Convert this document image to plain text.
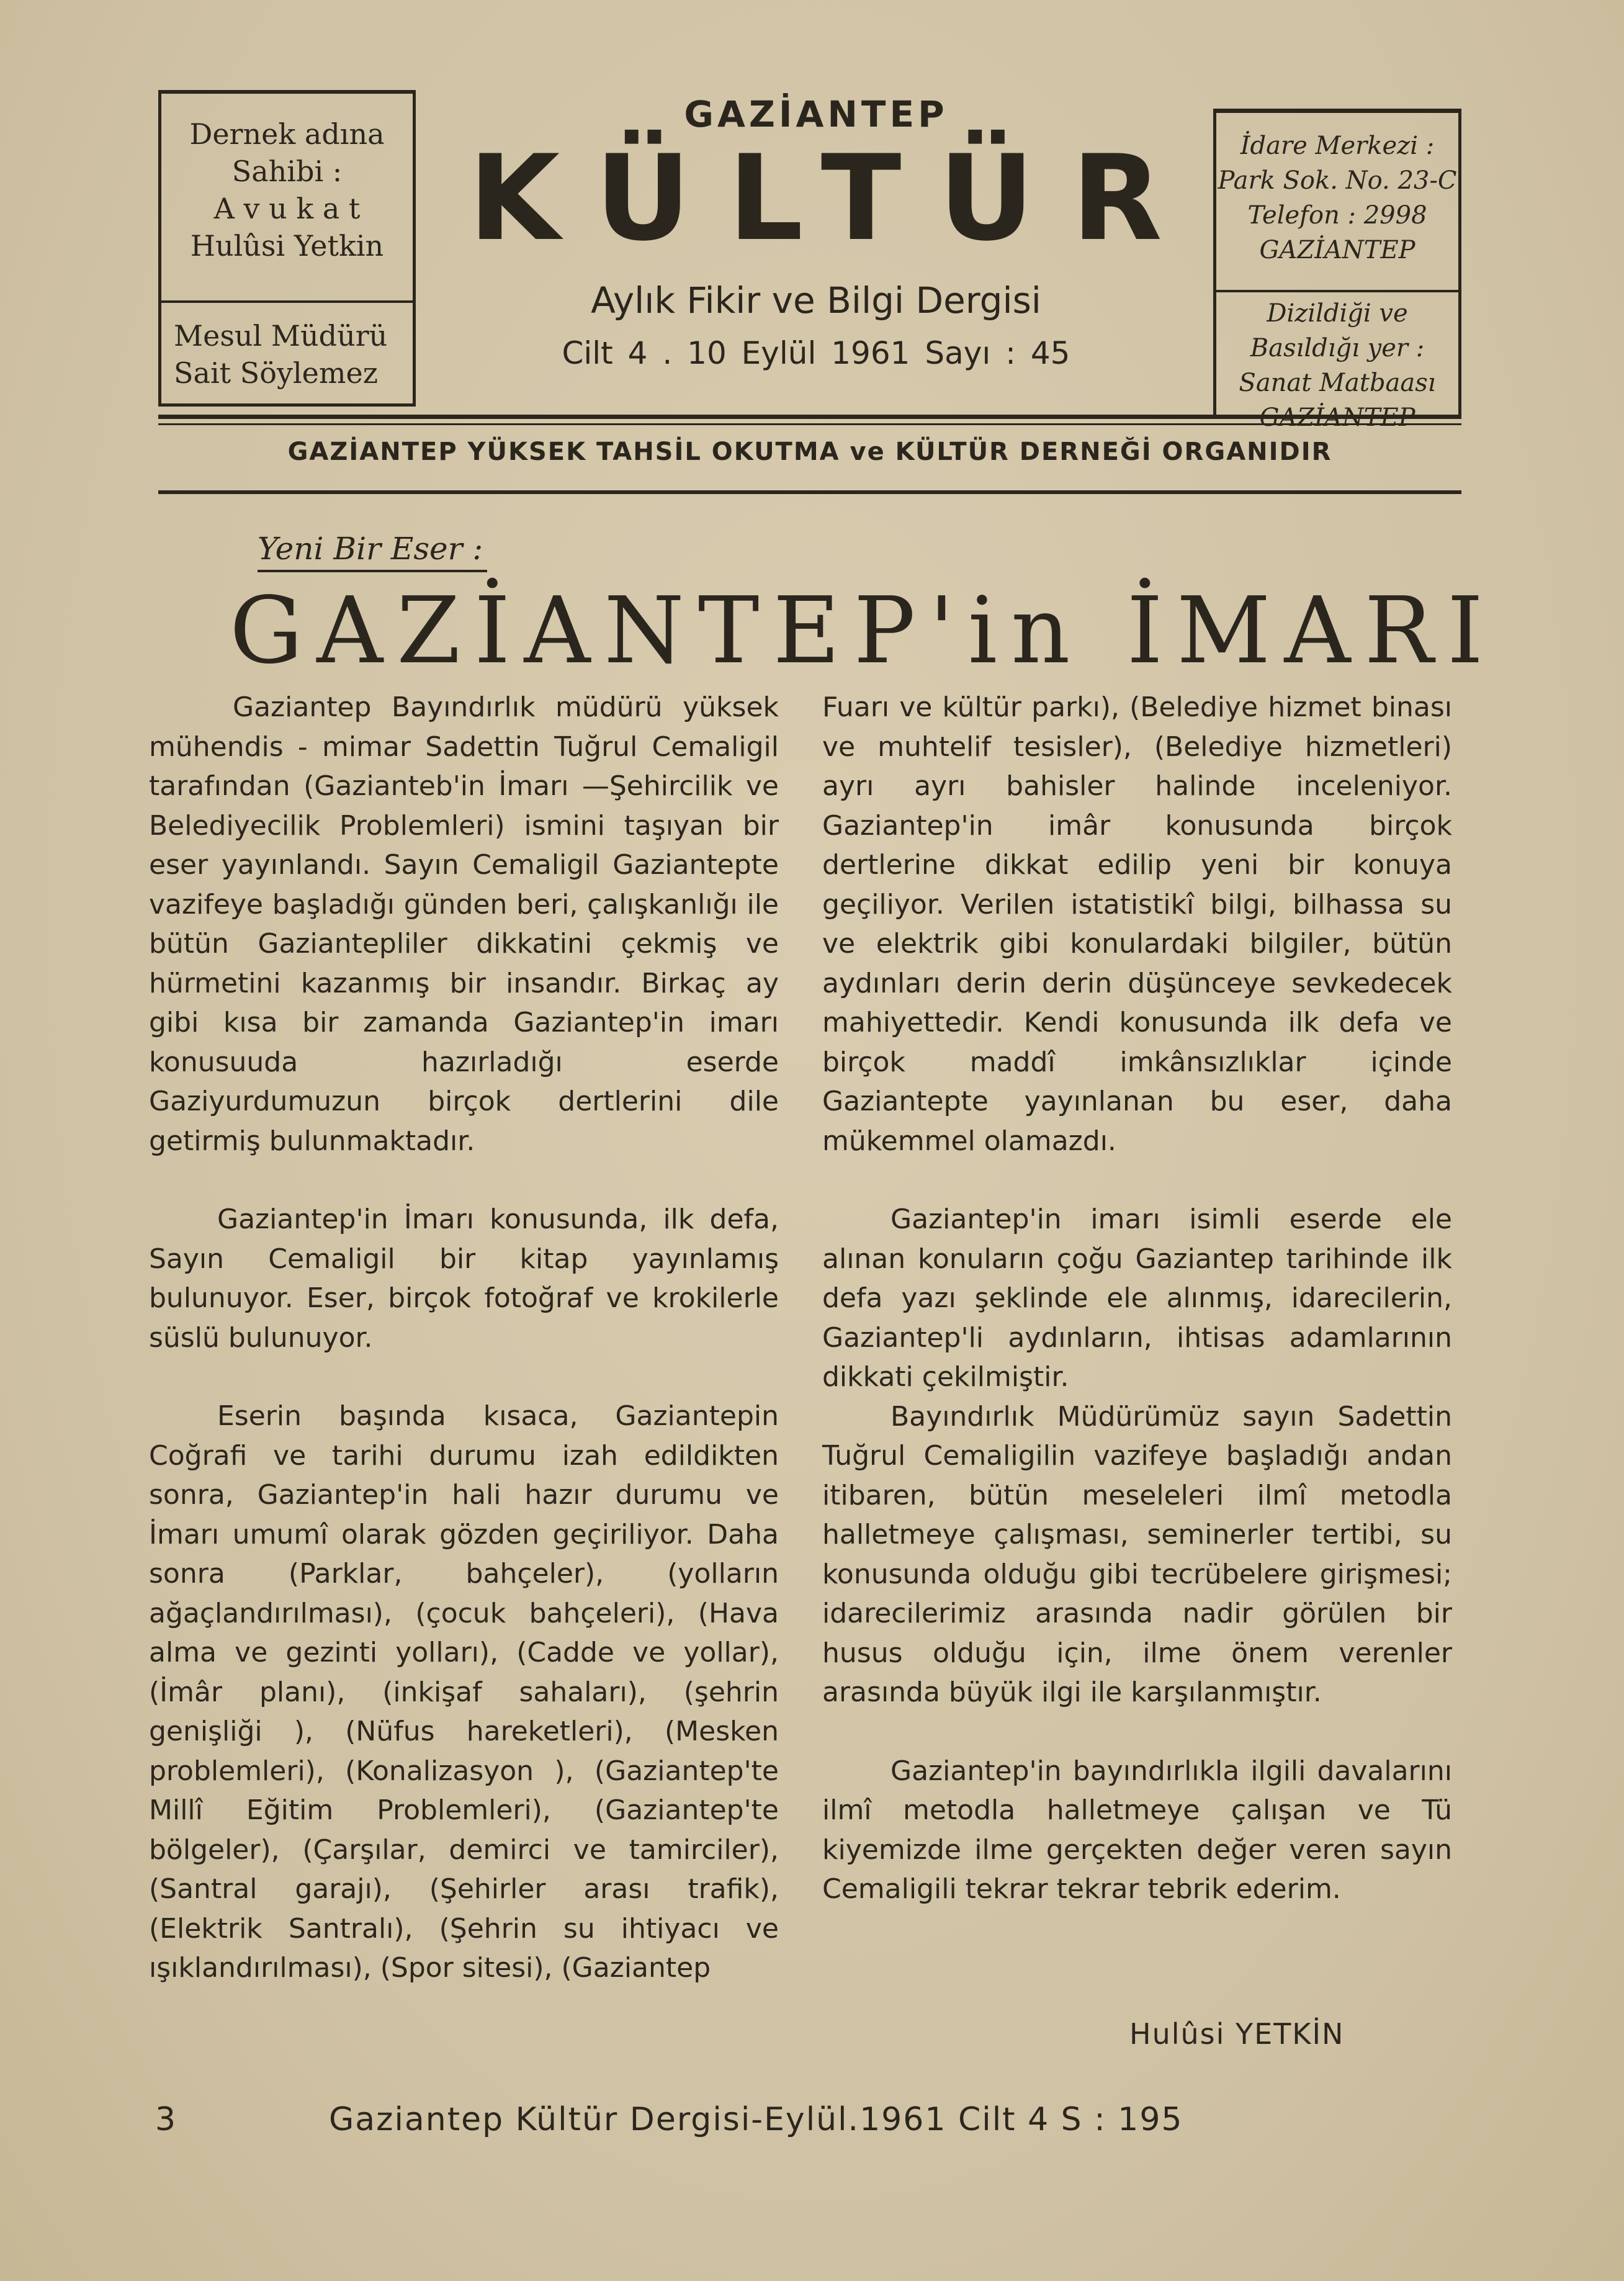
Dernek adına
Sahibi :
A v u k a t
Hulûsi Yetkin
Mesul Müdürü
Sait Söylemez
GAZİANTEP
KÜLTÜR
Aylık Fikir ve Bilgi Dergisi
Cilt 4 . 10 Eylül 1961 Sayı : 45
İdare Merkezi :
Park Sok. No. 23-C
Telefon : 2998
GAZİANTEP
Dizildiği ve
Basıldığı yer :
Sanat Matbaası
GAZİANTEP YÜKSEK TAHSİL OKUTMA ve KÜLTÜR DERNEĞİ ORGANIDIR
Yeni Bir Eser :
GAZİANTEP'in İMARI

Gaziantep Bayındırlık müdürü yüksek mühendis - mimar Sadettin Tuğrul Cemaligil tarafından (Gazianteb'in İmarı —Şehircilik ve Belediyecilik Problemleri) ismini taşıyan bir eser yayınlandı. Sayın Cemaligil Gaziantepte vazifeye başladığı günden beri, çalışkanlığı ile bütün Gaziantepliler dikkatini çekmiş ve hürmetini kazanmış bir insandır. Birkaç ay gibi kısa bir zamanda Gaziantep'in imarı konusuuda hazırladığı eserde Gaziyurdumuzun birçok dertlerini dile getirmiş bulunmaktadır.

Gaziantep'in İmarı konusunda, ilk defa, Sayın Cemaligil bir kitap yayınlamış bulunuyor. Eser, birçok fotoğraf ve krokilerle süslü bulunuyor.

Eserin başında kısaca, Gaziantepin Coğrafi ve tarihi durumu izah edildikten sonra, Gaziantep'in hali hazır durumu ve İmarı umumî olarak gözden geçiriliyor. Daha sonra (Parklar, bahçeler), (yolların ağaçlandırılması), (çocuk bahçeleri), (Hava alma ve gezinti yolları), (Cadde ve yollar), (İmâr planı), (inkişaf sahaları), (şehrin genişliği ), (Nüfus hareketleri), (Mesken problemleri), (Konalizasyon ), (Gaziantep'te Millî Eğitim Problemleri), (Gaziantep'te bölgeler), (Çarşılar, demirci ve tamirciler), (Santral garajı), (Şehirler arası trafik), (Elektrik Santralı), (Şehrin su ihtiyacı ve ışıklandırılması), (Spor sitesi), (Gaziantep

Fuarı ve kültür parkı), (Belediye hizmet binası ve muhtelif tesisler), (Belediye hizmetleri) ayrı ayrı bahisler halinde inceleniyor. Gaziantep'in imâr konusunda birçok dertlerine dikkat edilip yeni bir konuya geçiliyor. Verilen istatistikî bilgi, bilhassa su ve elektrik gibi konulardaki bilgiler, bütün aydınları derin derin düşünceye sevkedecek mahiyettedir. Kendi konusunda ilk defa ve birçok maddî imkânsızlıklar içinde Gaziantepte yayınlanan bu eser, daha mükemmel olamazdı.

Gaziantep'in imarı isimli eserde ele alınan konuların çoğu Gaziantep tarihinde ilk defa yazı şeklinde ele alınmış, idarecilerin, Gaziantep'li aydınların, ihtisas adamlarının dikkati çekilmiştir.

Bayındırlık Müdürümüz sayın Sadettin Tuğrul Cemaligilin vazifeye başladığı andan itibaren, bütün meseleleri ilmî metodla halletmeye çalışması, seminerler tertibi, su konusunda olduğu gibi tecrübelere girişmesi; idarecilerimiz arasında nadir görülen bir husus olduğu için, ilme önem verenler arasında büyük ilgi ile karşılanmıştır.

Gaziantep'in bayındırlıkla ilgili davalarını ilmî metodla halletmeye çalışan ve Tü kiyemizde ilme gerçekten değer veren sayın Cemaligili tekrar tekrar tebrik ederim.

Hulûsi YETKİN
3	Gaziantep Kültür Dergisi-Eylül.1961 Cilt 4 S : 195
